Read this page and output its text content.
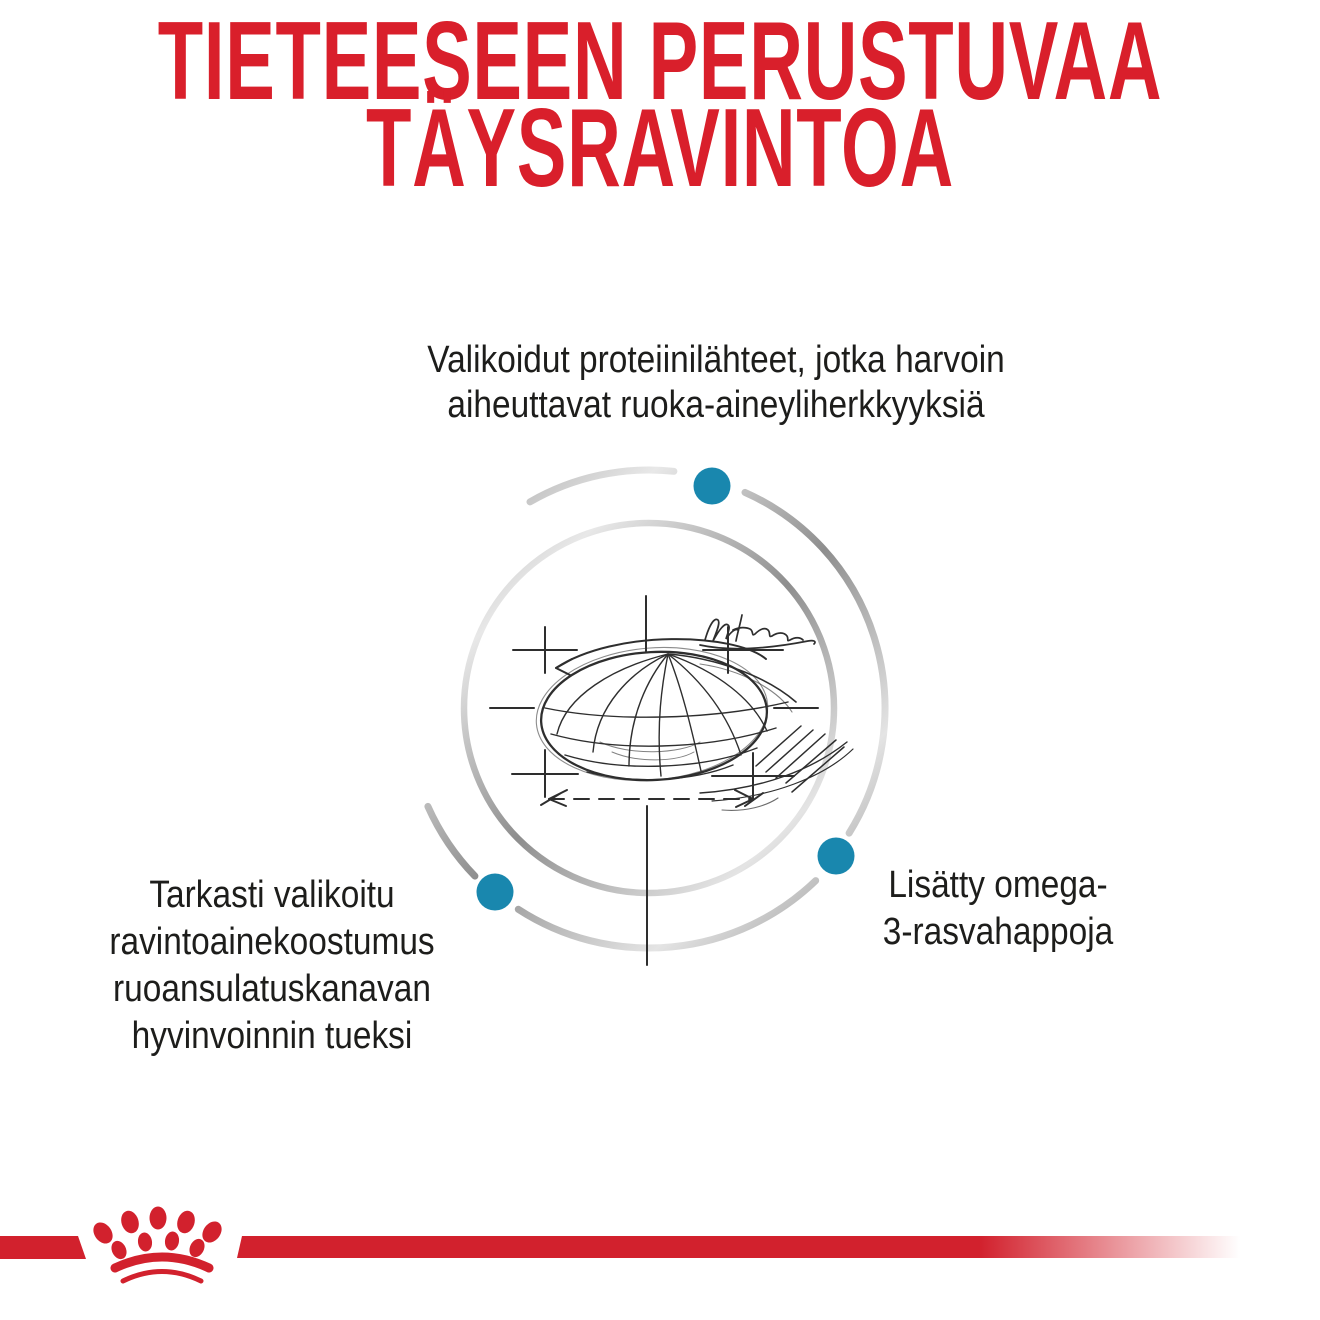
TIETEESEEN PERUSTUVAA
TÄYSRAVINTOA
Valikoidut proteiinilähteet, jotka harvoin
aiheuttavat ruoka-aineyliherkkyyksiä
Tarkasti valikoitu
ravintoainekoostumus
ruoansulatuskanavan
hyvinvoinnin tueksi
Lisätty omega-
3-rasvahappoja
